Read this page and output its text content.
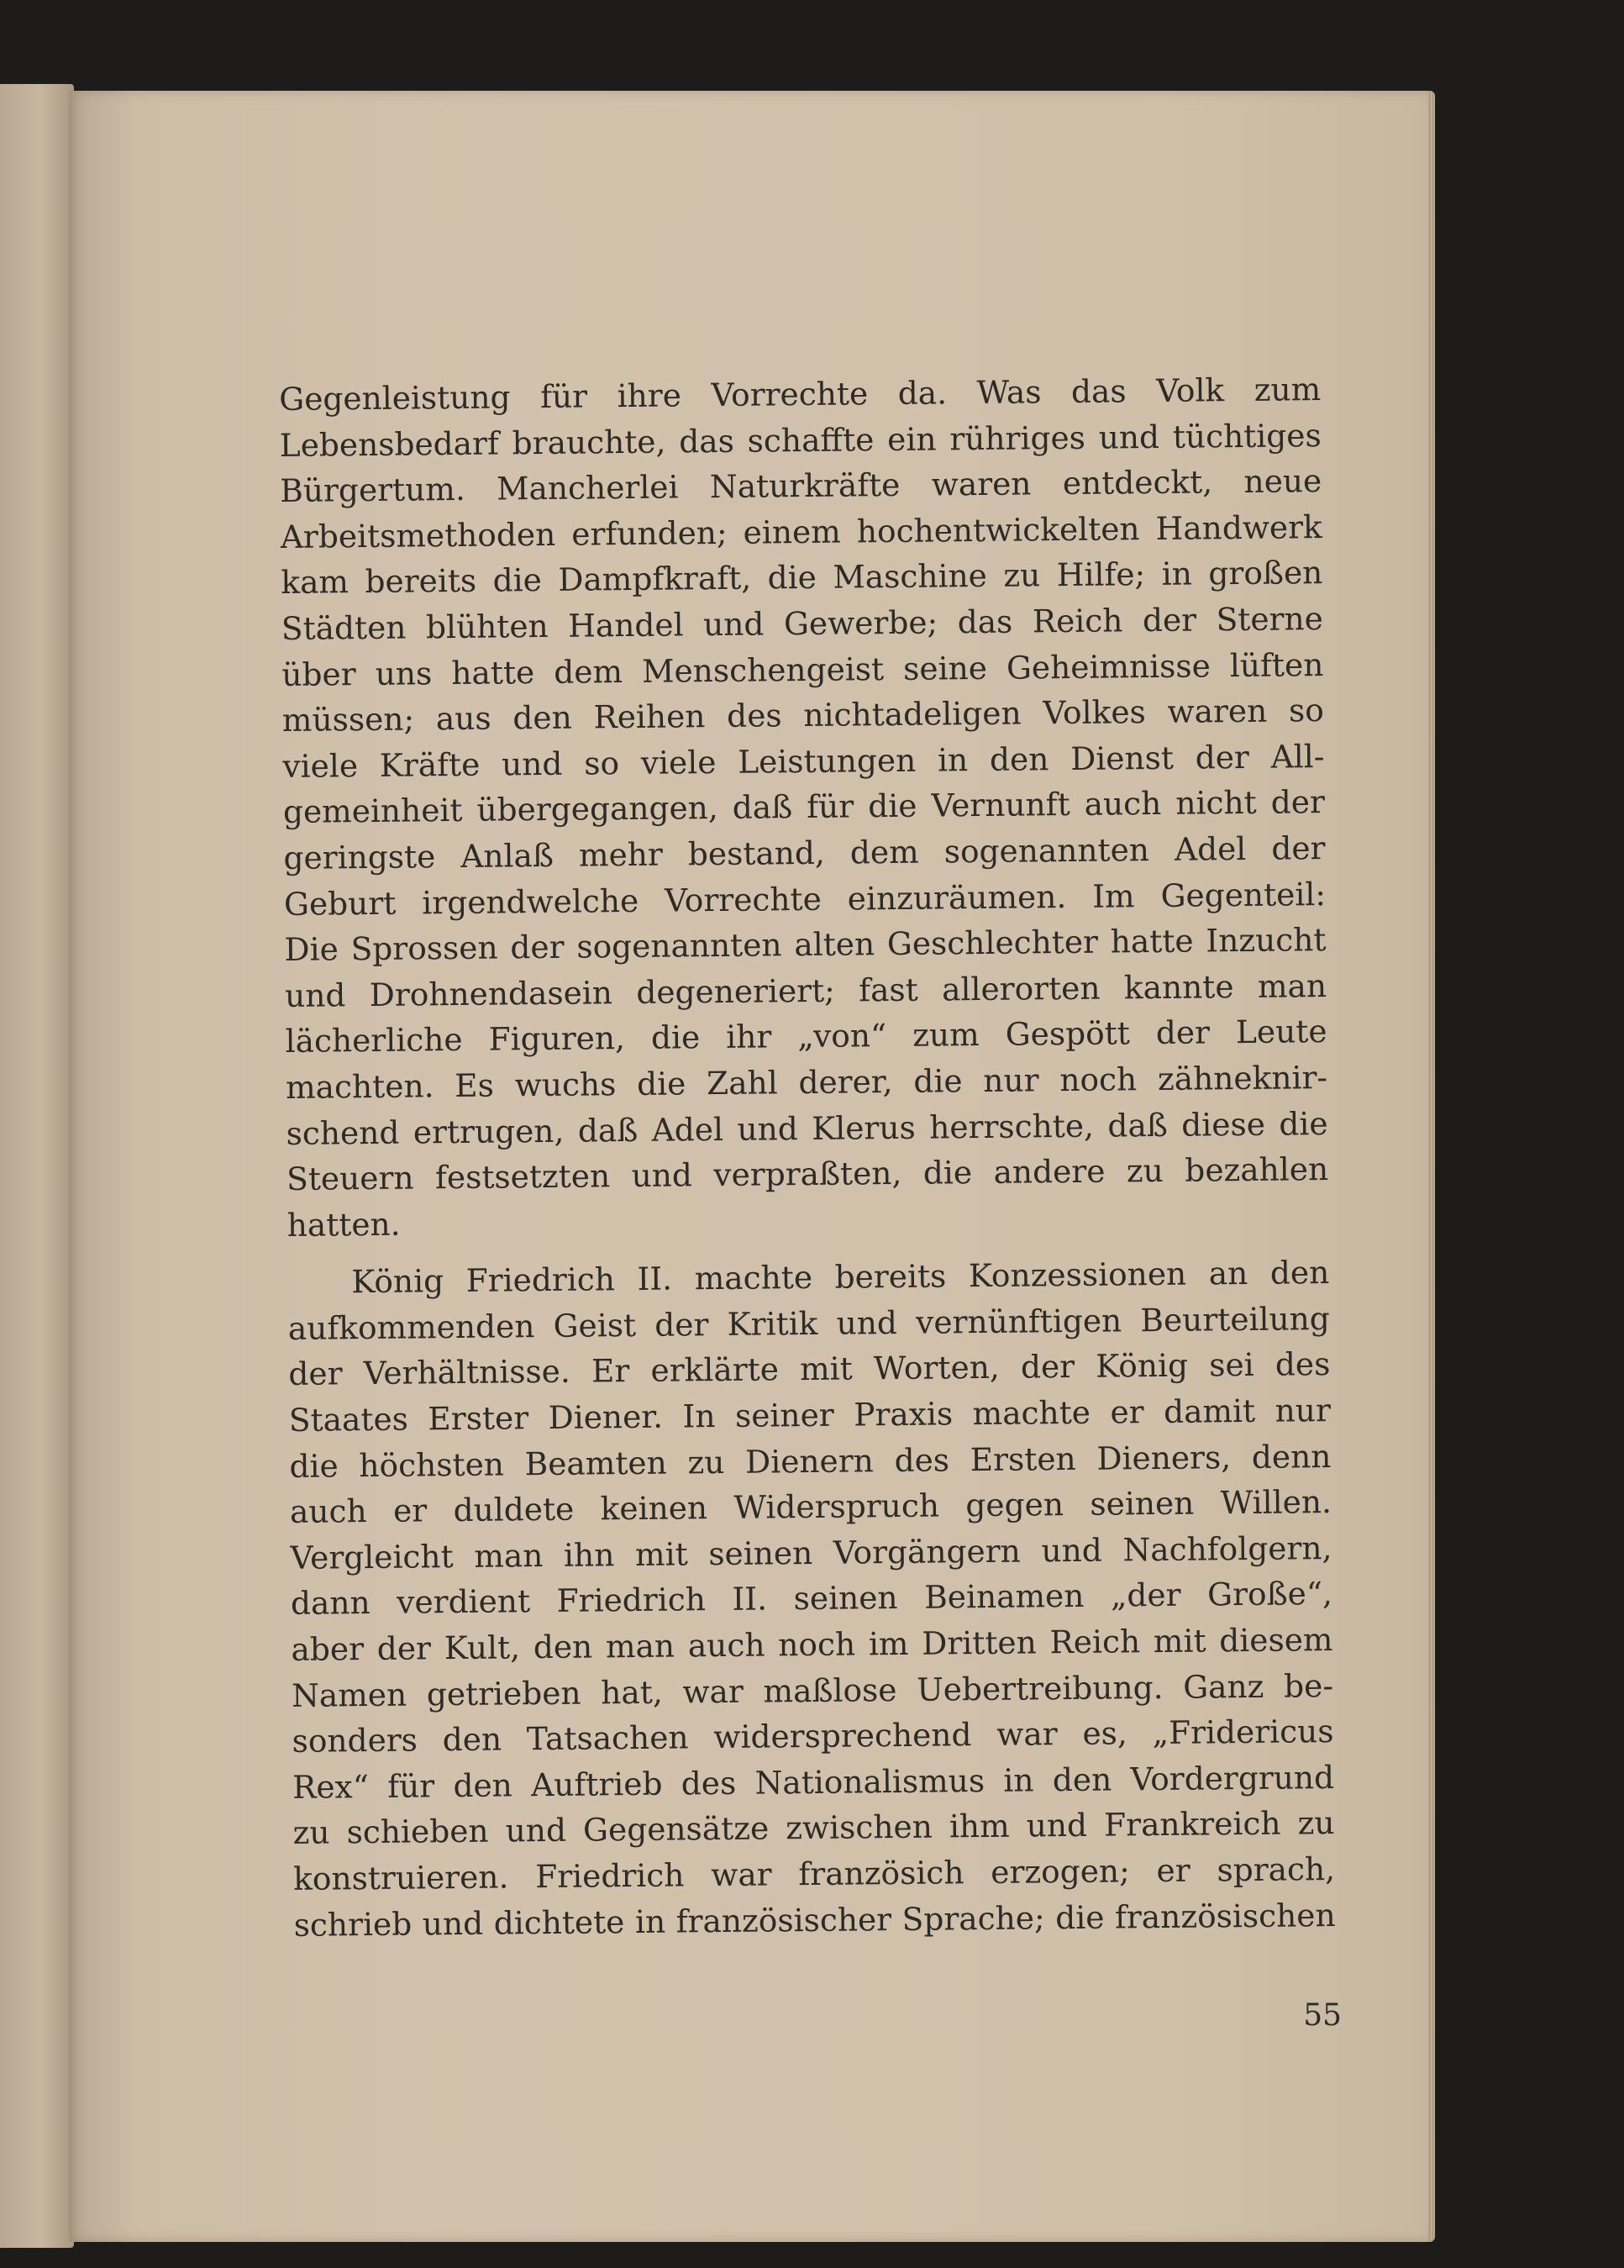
Gegenleistung für ihre Vorrechte da. Was das Volk zum
Lebensbedarf brauchte, das schaffte ein rühriges und tüchtiges
Bürgertum. Mancherlei Naturkräfte waren entdeckt, neue
Arbeitsmethoden erfunden; einem hochentwickelten Handwerk
kam bereits die Dampfkraft, die Maschine zu Hilfe; in großen
Städten blühten Handel und Gewerbe; das Reich der Sterne
über uns hatte dem Menschengeist seine Geheimnisse lüften
müssen; aus den Reihen des nichtadeligen Volkes waren so
viele Kräfte und so viele Leistungen in den Dienst der All-
gemeinheit übergegangen, daß für die Vernunft auch nicht der
geringste Anlaß mehr bestand, dem sogenannten Adel der
Geburt irgendwelche Vorrechte einzuräumen. Im Gegenteil:
Die Sprossen der sogenannten alten Geschlechter hatte Inzucht
und Drohnendasein degeneriert; fast allerorten kannte man
lächerliche Figuren, die ihr „von“ zum Gespött der Leute
machten. Es wuchs die Zahl derer, die nur noch zähneknir-
schend ertrugen, daß Adel und Klerus herrschte, daß diese die
Steuern festsetzten und verpraßten, die andere zu bezahlen
hatten.
König Friedrich II. machte bereits Konzessionen an den
aufkommenden Geist der Kritik und vernünftigen Beurteilung
der Verhältnisse. Er erklärte mit Worten, der König sei des
Staates Erster Diener. In seiner Praxis machte er damit nur
die höchsten Beamten zu Dienern des Ersten Dieners, denn
auch er duldete keinen Widerspruch gegen seinen Willen.
Vergleicht man ihn mit seinen Vorgängern und Nachfolgern,
dann verdient Friedrich II. seinen Beinamen „der Große“,
aber der Kult, den man auch noch im Dritten Reich mit diesem
Namen getrieben hat, war maßlose Uebertreibung. Ganz be-
sonders den Tatsachen widersprechend war es, „Fridericus
Rex“ für den Auftrieb des Nationalismus in den Vordergrund
zu schieben und Gegensätze zwischen ihm und Frankreich zu
konstruieren. Friedrich war französich erzogen; er sprach,
schrieb und dichtete in französischer Sprache; die französischen
55
